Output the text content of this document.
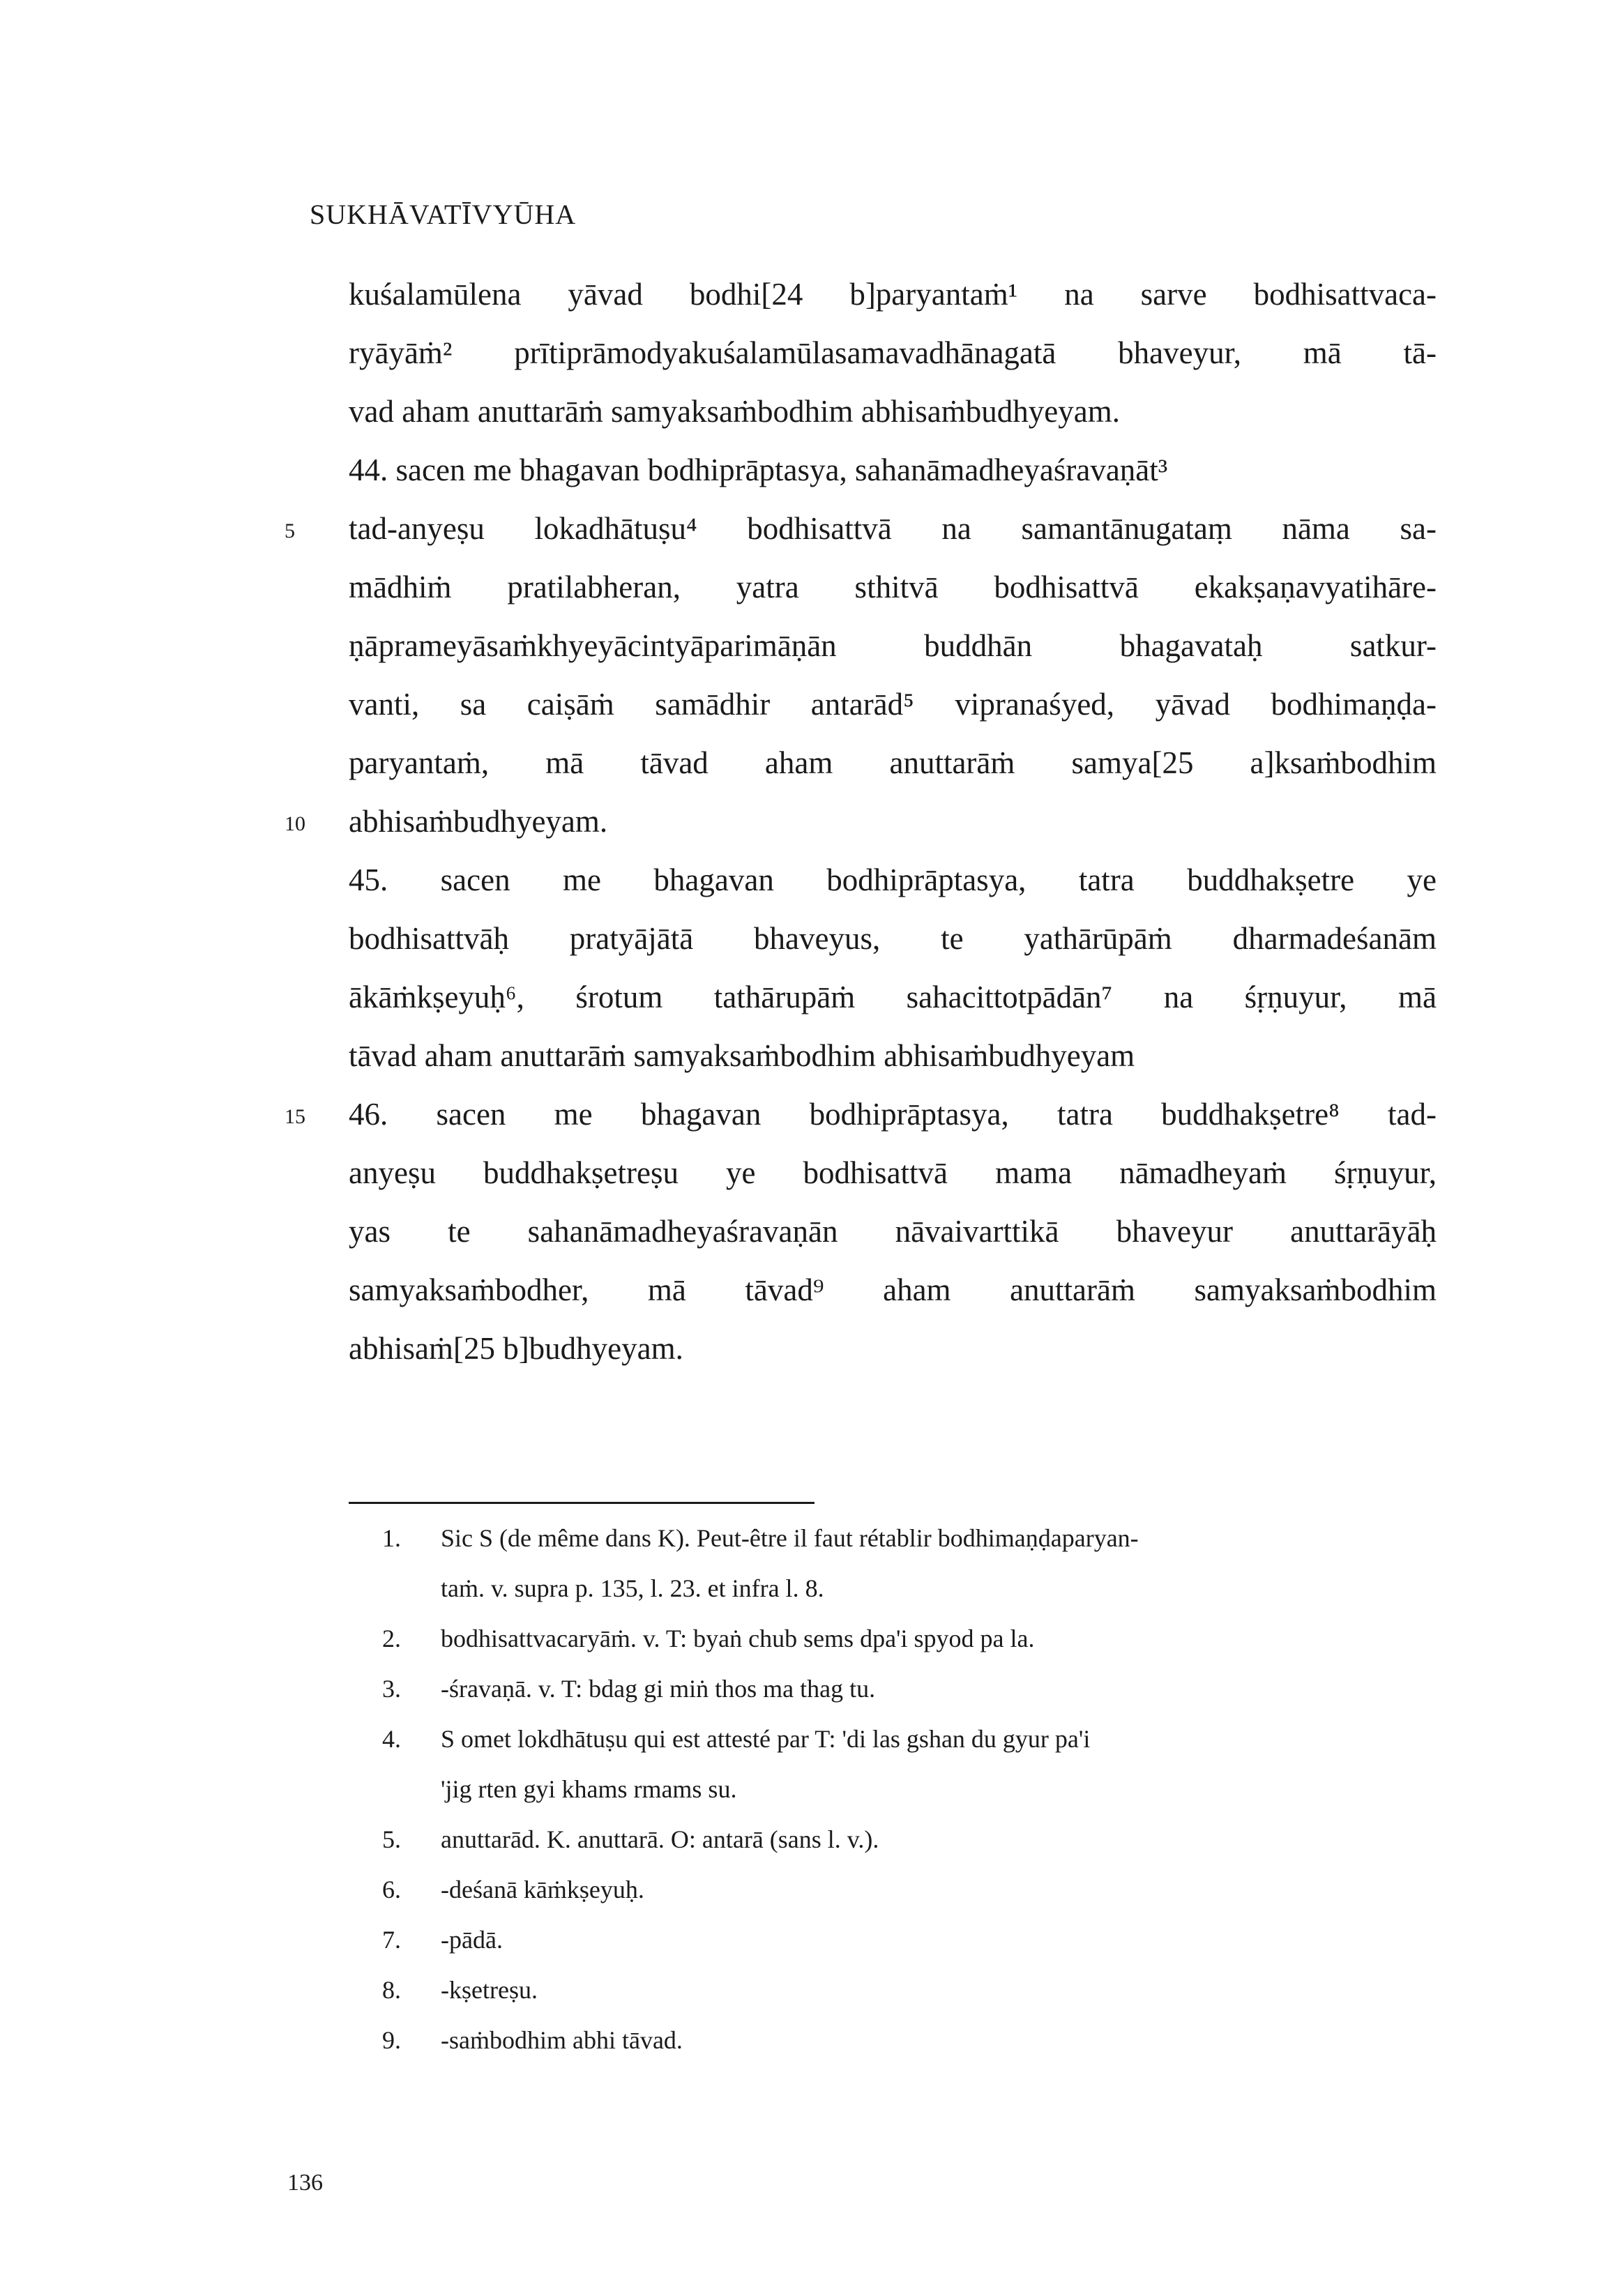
SUKHĀVATĪVYŪHA
kuśalamūlena yāvad bodhi[24 b]paryantaṁ¹ na sarve bodhisattvaca-
ryāyāṁ² prītiprāmodyakuśalamūlasamavadhānagatā bhaveyur, mā tā-
vad aham anuttarāṁ samyaksaṁbodhim abhisaṁbudhyeyam.
44. sacen me bhagavan bodhiprāptasya, sahanāmadheyaśravaṇāt³
5 tad-anyeṣu lokadhātuṣu⁴ bodhisattvā na samantānugataṃ nāma sa-
mādhiṁ pratilabheran, yatra sthitvā bodhisattvā ekakṣaṇavyatihāre-
ṇāprameyāsaṁkhyeyācintyāparimāṇān buddhān bhagavataḥ satkur-
vanti, sa caiṣāṁ samādhir antarād⁵ vipranaśyed, yāvad bodhimaṇḍa-
paryantaṁ, mā tāvad aham anuttarāṁ samya[25 a]ksaṁbodhim
10 abhisaṁbudhyeyam.
45. sacen me bhagavan bodhiprāptasya, tatra buddhakṣetre ye
bodhisattvāḥ pratyājātā bhaveyus, te yathārūpāṁ dharmadeśanām
ākāṁkṣeyuḥ⁶, śrotum tathārupāṁ sahacittotpādān⁷ na śṛṇuyur, mā
tāvad aham anuttarāṁ samyaksaṁbodhim abhisaṁbudhyeyam
15 46. sacen me bhagavan bodhiprāptasya, tatra buddhakṣetre⁸ tad-
anyeṣu buddhakṣetreṣu ye bodhisattvā mama nāmadheyaṁ śṛṇuyur,
yas te sahanāmadheyaśravaṇān nāvaivarttikā bhaveyur anuttarāyāḥ
samyaksaṁbodher, mā tāvad⁹ aham anuttarāṁ samyaksaṁbodhim
abhisaṁ[25 b]budhyeyam.
1. Sic S (de même dans K). Peut-être il faut rétablir bodhimaṇḍaparyan-
taṁ. v. supra p. 135, l. 23. et infra l. 8.
2. bodhisattvacaryāṁ. v. T: byaṅ chub sems dpa'i spyod pa la.
3. -śravaṇā. v. T: bdag gi miṅ thos ma thag tu.
4. S omet lokdhātuṣu qui est attesté par T: 'di las gshan du gyur pa'i
'jig rten gyi khams rmams su.
5. anuttarād. K. anuttarā. O: antarā (sans l. v.).
6. -deśanā kāṁkṣeyuḥ.
7. -pādā.
8. -kṣetreṣu.
9. -saṁbodhim abhi tāvad.
136
